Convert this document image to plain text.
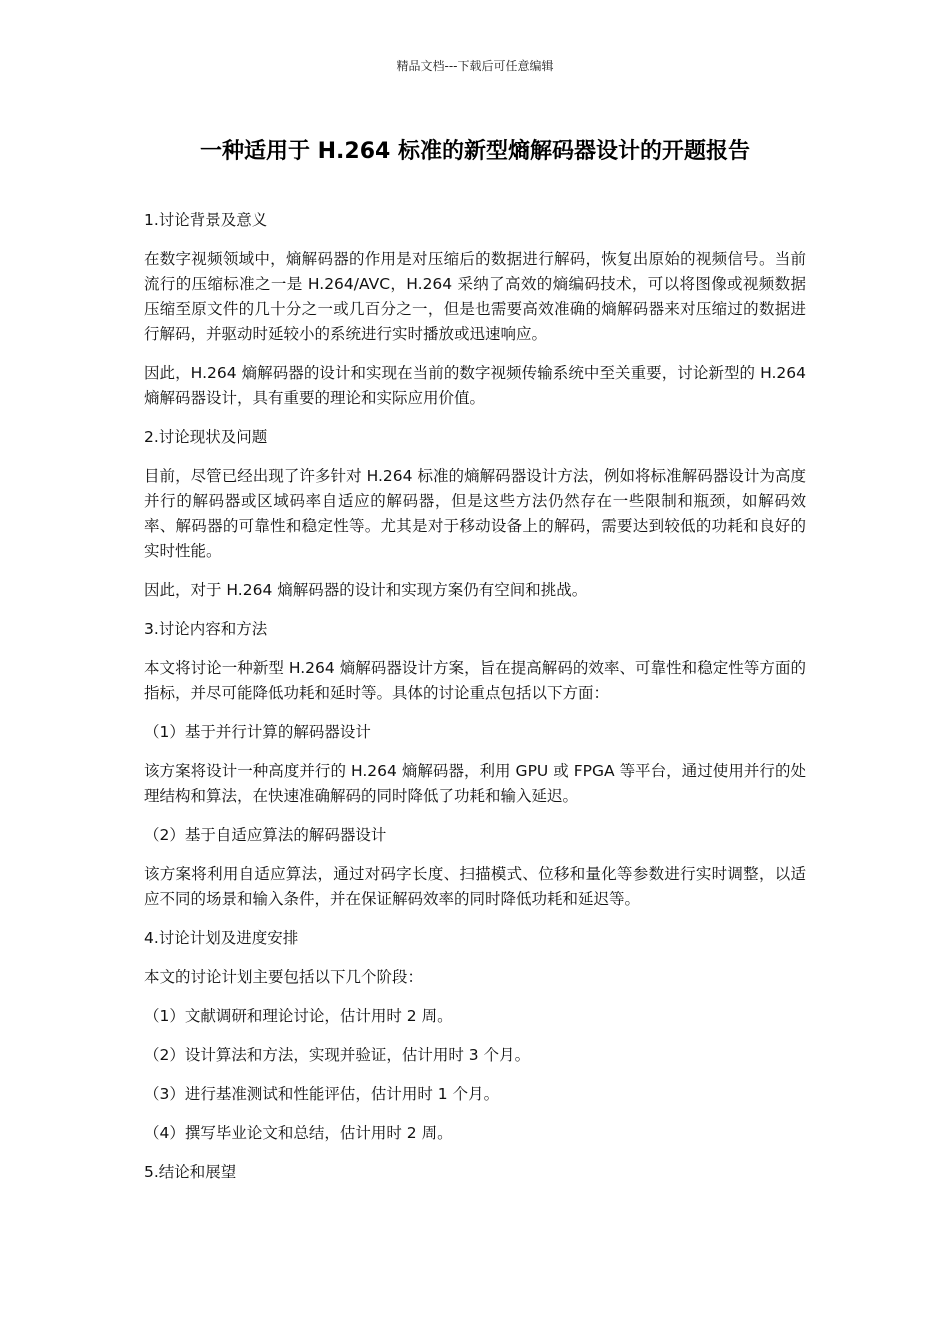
精品文档---下载后可任意编辑
一种适用于 H.264 标准的新型熵解码器设计的开题报告
1.讨论背景及意义
在数字视频领域中，熵解码器的作用是对压缩后的数据进行解码，恢复出原始的视频信号。当前流行的压缩标准之一是 H.264/AVC，H.264 采纳了高效的熵编码技术，可以将图像或视频数据压缩至原文件的几十分之一或几百分之一，但是也需要高效准确的熵解码器来对压缩过的数据进行解码，并驱动时延较小的系统进行实时播放或迅速响应。
因此，H.264 熵解码器的设计和实现在当前的数字视频传输系统中至关重要，讨论新型的 H.264 熵解码器设计，具有重要的理论和实际应用价值。
2.讨论现状及问题
目前，尽管已经出现了许多针对 H.264 标准的熵解码器设计方法，例如将标准解码器设计为高度并行的解码器或区域码率自适应的解码器，但是这些方法仍然存在一些限制和瓶颈，如解码效率、解码器的可靠性和稳定性等。尤其是对于移动设备上的解码，需要达到较低的功耗和良好的实时性能。
因此，对于 H.264 熵解码器的设计和实现方案仍有空间和挑战。
3.讨论内容和方法
本文将讨论一种新型 H.264 熵解码器设计方案，旨在提高解码的效率、可靠性和稳定性等方面的指标，并尽可能降低功耗和延时等。具体的讨论重点包括以下方面：
（1）基于并行计算的解码器设计
该方案将设计一种高度并行的 H.264 熵解码器，利用 GPU 或 FPGA 等平台，通过使用并行的处理结构和算法，在快速准确解码的同时降低了功耗和输入延迟。
（2）基于自适应算法的解码器设计
该方案将利用自适应算法，通过对码字长度、扫描模式、位移和量化等参数进行实时调整，以适应不同的场景和输入条件，并在保证解码效率的同时降低功耗和延迟等。
4.讨论计划及进度安排
本文的讨论计划主要包括以下几个阶段：
（1）文献调研和理论讨论，估计用时 2 周。
（2）设计算法和方法，实现并验证，估计用时 3 个月。
（3）进行基准测试和性能评估，估计用时 1 个月。
（4）撰写毕业论文和总结，估计用时 2 周。
5.结论和展望
